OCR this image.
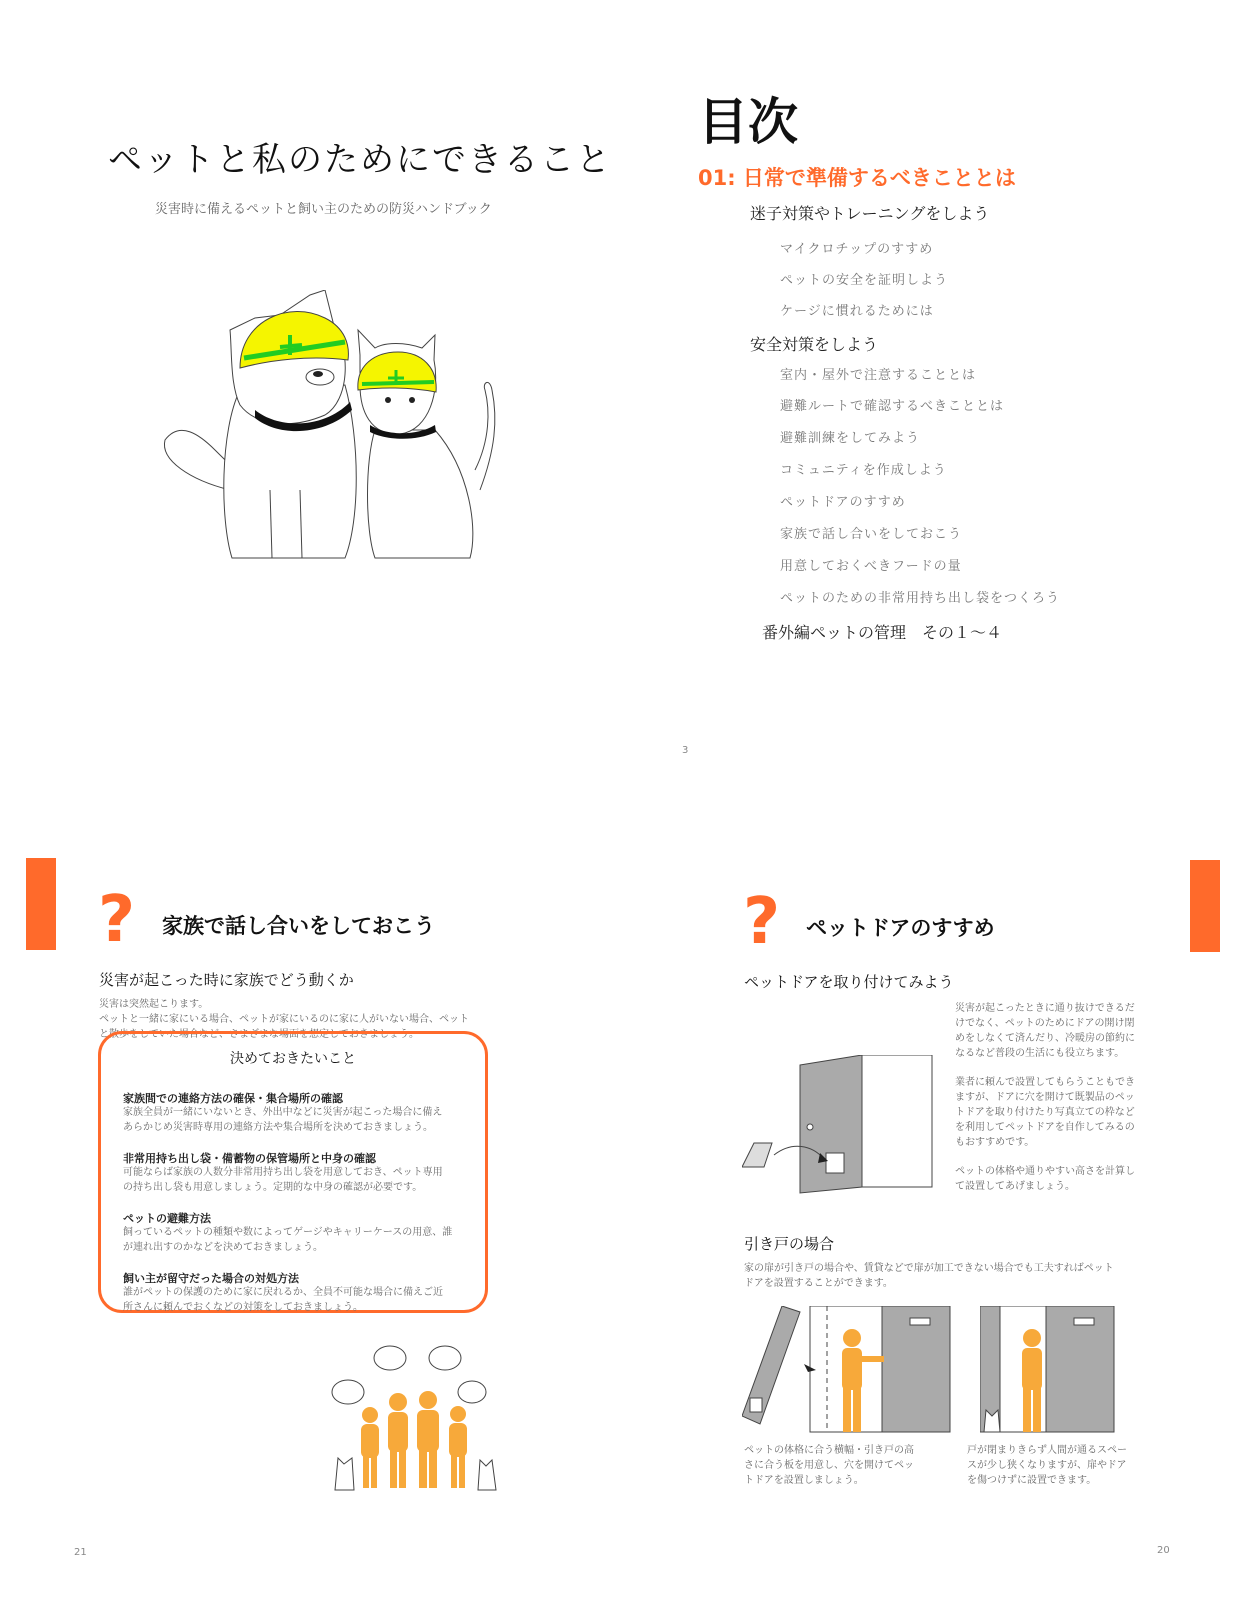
ペットと私のためにできること
災害時に備えるペットと飼い主のための防災ハンドブック
目次
01: 日常で準備するべきこととは
迷子対策やトレーニングをしよう
マイクロチップのすすめ
ペットの安全を証明しよう
ケージに慣れるためには
安全対策をしよう
室内・屋外で注意することとは
避難ルートで確認するべきこととは
避難訓練をしてみよう
コミュニティを作成しよう
ペットドアのすすめ
家族で話し合いをしておこう
用意しておくべきフードの量
ペットのための非常用持ち出し袋をつくろう
番外編ペットの管理　その１～４
3
? 家族で話し合いをしておこう
災害が起こった時に家族でどう動くか
災害は突然起こります。
ペットと一緒に家にいる場合、ペットが家にいるのに家に人がいない場合、ペット
と散歩をしていた場合など、さまざまな場面を想定しておきましょう。
決めておきたいこと
家族間での連絡方法の確保・集合場所の確認
家族全員が一緒にいないとき、外出中などに災害が起こった場合に備え
あらかじめ災害時専用の連絡方法や集合場所を決めておきましょう。
非常用持ち出し袋・備蓄物の保管場所と中身の確認
可能ならば家族の人数分非常用持ち出し袋を用意しておき、ペット専用
の持ち出し袋も用意しましょう。定期的な中身の確認が必要です。
ペットの避難方法
飼っているペットの種類や数によってゲージやキャリーケースの用意、誰
が連れ出すのかなどを決めておきましょう。
飼い主が留守だった場合の対処方法
誰がペットの保護のために家に戻れるか、全員不可能な場合に備えご近
所さんに頼んでおくなどの対策をしておきましょう。
21
? ペットドアのすすめ
ペットドアを取り付けてみよう
災害が起こったときに通り抜けできるだ
けでなく、ペットのためにドアの開け閉
めをしなくて済んだり、冷暖房の節約に
なるなど普段の生活にも役立ちます。
業者に頼んで設置してもらうこともでき
ますが、ドアに穴を開けて既製品のペッ
トドアを取り付けたり写真立ての枠など
を利用してペットドアを自作してみるの
もおすすめです。
ペットの体格や通りやすい高さを計算し
て設置してあげましょう。
引き戸の場合
家の扉が引き戸の場合や、賃貸などで扉が加工できない場合でも工夫すればペット
ドアを設置することができます。
ペットの体格に合う横幅・引き戸の高
さに合う板を用意し、穴を開けてペッ
トドアを設置しましょう。
戸が閉まりきらず人間が通るスペー
スが少し狭くなりますが、扉やドア
を傷つけずに設置できます。
20
